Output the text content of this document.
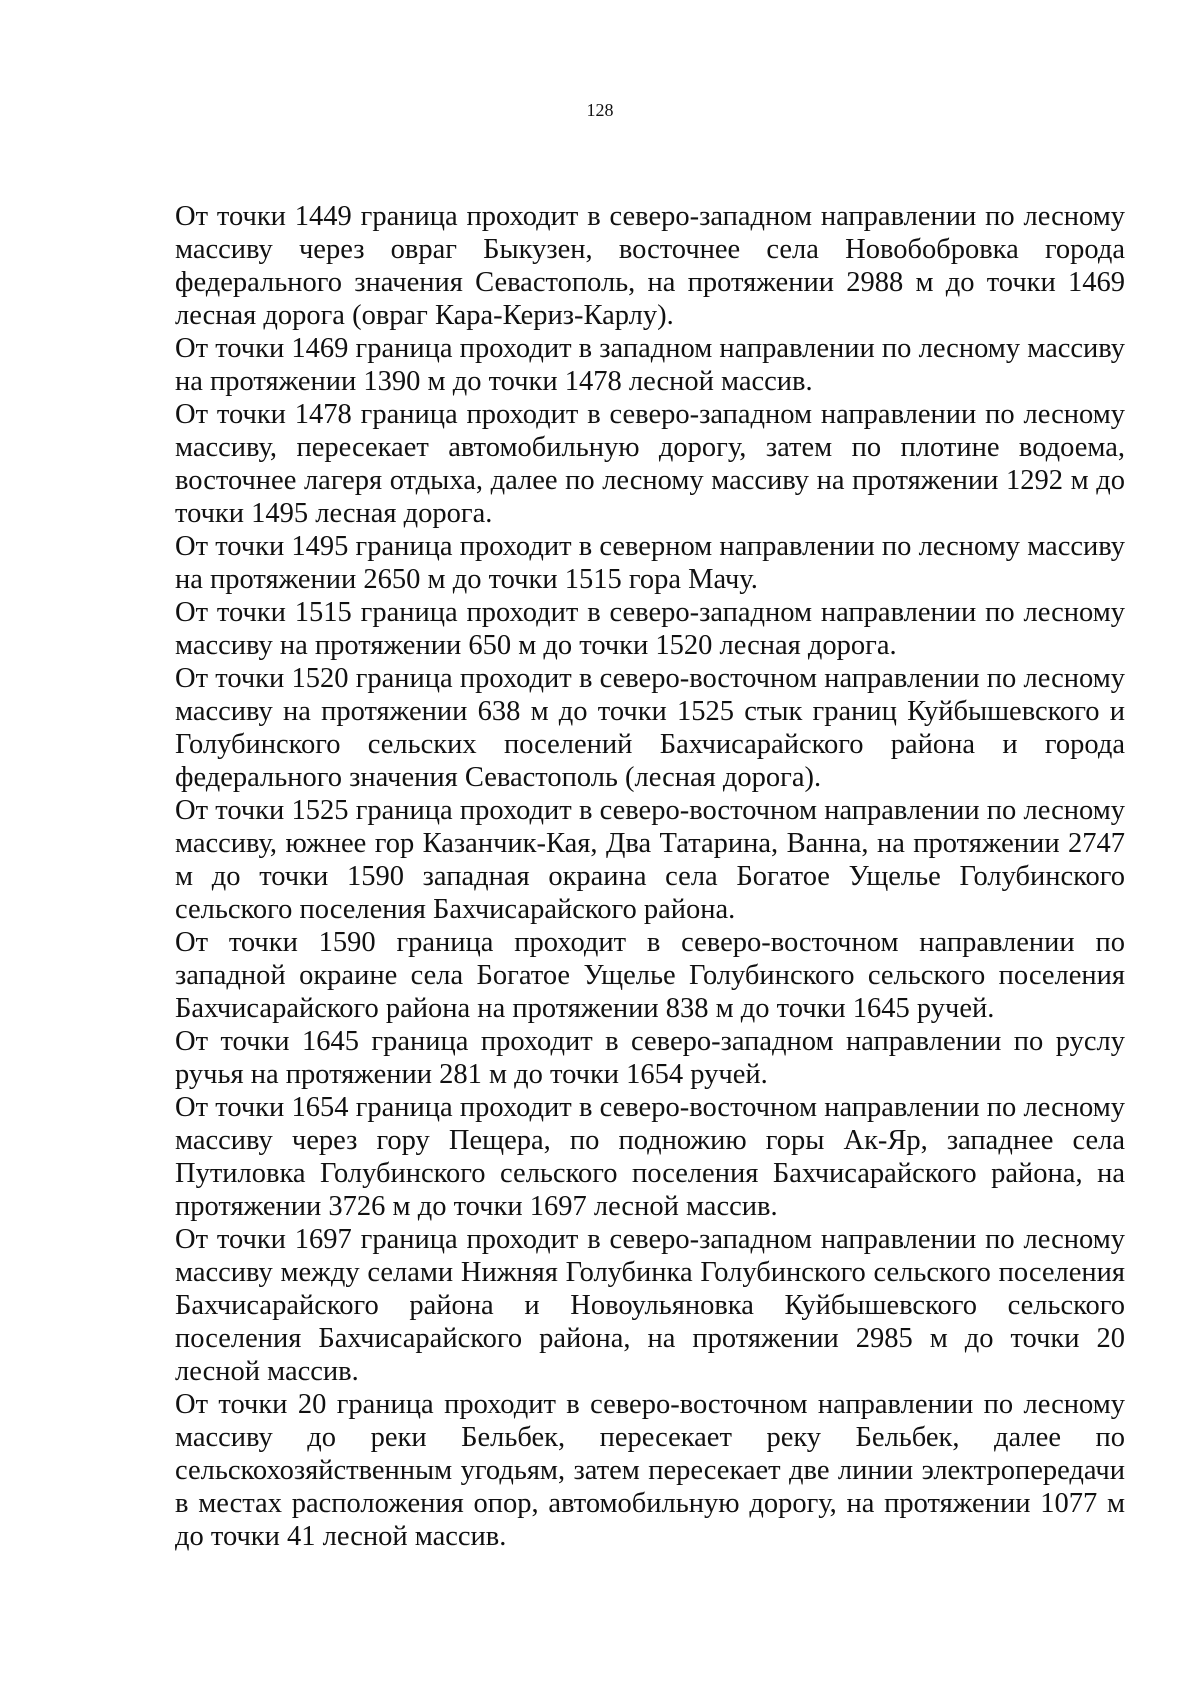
128

От точки 1449 граница проходит в северо-западном направлении по лесному массиву через овраг Быкузен, восточнее села Новобобровка города федерального значения Севастополь, на протяжении 2988 м до точки 1469 лесная дорога (овраг Кара-Кериз-Карлу).

От точки 1469 граница проходит в западном направлении по лесному массиву на протяжении 1390 м до точки 1478 лесной массив.

От точки 1478 граница проходит в северо-западном направлении по лесному массиву, пересекает автомобильную дорогу, затем по плотине водоема, восточнее лагеря отдыха, далее по лесному массиву на протяжении 1292 м до точки 1495 лесная дорога.

От точки 1495 граница проходит в северном направлении по лесному массиву на протяжении 2650 м до точки 1515 гора Мачу.

От точки 1515 граница проходит в северо-западном направлении по лесному массиву на протяжении 650 м до точки 1520 лесная дорога.

От точки 1520 граница проходит в северо-восточном направлении по лесному массиву на протяжении 638 м до точки 1525 стык границ Куйбышевского и Голубинского сельских поселений Бахчисарайского района и города федерального значения Севастополь (лесная дорога).

От точки 1525 граница проходит в северо-восточном направлении по лесному массиву, южнее гор Казанчик-Кая, Два Татарина, Ванна, на протяжении 2747 м до точки 1590 западная окраина села Богатое Ущелье Голубинского сельского поселения Бахчисарайского района.

От точки 1590 граница проходит в северо-восточном направлении по западной окраине села Богатое Ущелье Голубинского сельского поселения Бахчисарайского района на протяжении 838 м до точки 1645 ручей.

От точки 1645 граница проходит в северо-западном направлении по руслу ручья на протяжении 281 м до точки 1654 ручей.

От точки 1654 граница проходит в северо-восточном направлении по лесному массиву через гору Пещера, по подножию горы Ак-Яр, западнее села Путиловка Голубинского сельского поселения Бахчисарайского района, на протяжении 3726 м до точки 1697 лесной массив.

От точки 1697 граница проходит в северо-западном направлении по лесному массиву между селами Нижняя Голубинка Голубинского сельского поселения Бахчисарайского района и Новоульяновка Куйбышевского сельского поселения Бахчисарайского района, на протяжении 2985 м до точки 20 лесной массив.

От точки 20 граница проходит в северо-восточном направлении по лесному массиву до реки Бельбек, пересекает реку Бельбек, далее по сельскохозяйственным угодьям, затем пересекает две линии электропередачи в местах расположения опор, автомобильную дорогу, на протяжении 1077 м до точки 41 лесной массив.
